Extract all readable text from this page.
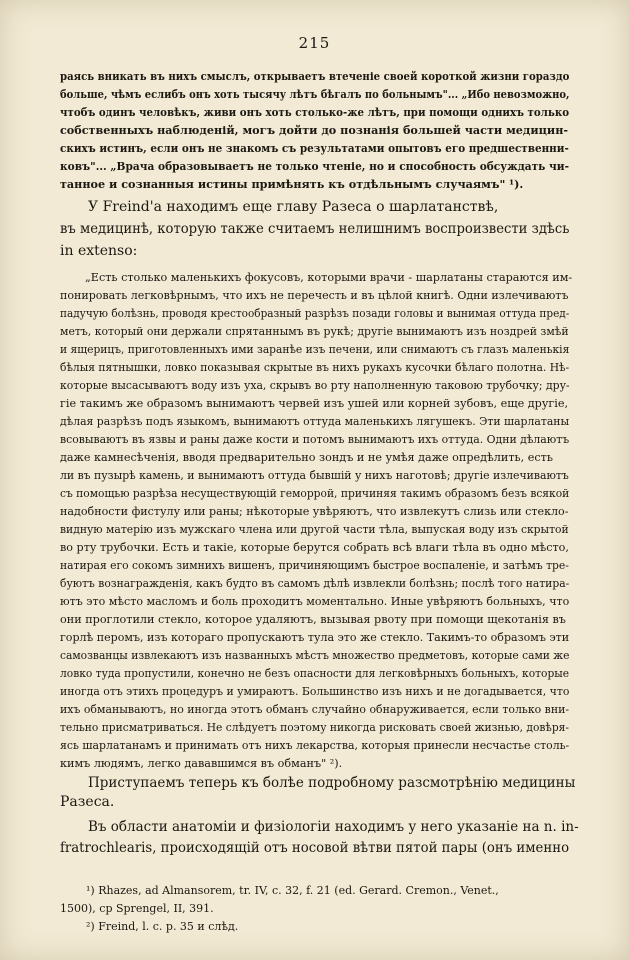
215
раясь вникать въ нихъ смыслъ, открываетъ втеченіе своей короткой жизни гораздо
больше, чѣмъ еслибъ онъ хоть тысячу лѣтъ бѣгалъ по больнымъ"... „Ибо невозможно,
чтобъ одинъ человѣкъ, живи онъ хоть столько-же лѣтъ, при помощи однихъ только
собственныхъ наблюденій, могъ дойти до познанія большей части медицин-
скихъ истинъ, если онъ не знакомъ съ результатами опытовъ его предшественни-
ковъ"... „Врача образовываетъ не только чтеніе, но и способность обсуждать чи-
танное и сознанныя истины примѣнять къ отдѣльнымъ случаямъ" ¹).
У Freind'а находимъ еще главу Разеса о шарлатанствѣ,
въ медицинѣ, которую также считаемъ нелишнимъ воспроизвести здѣсь
in extenso:
„Есть столько маленькихъ фокусовъ, которыми врачи - шарлатаны стараются им-
понировать легковѣрнымъ, что ихъ не перечесть и въ цѣлой книгѣ. Одни излечиваютъ
падучую болѣзнь, проводя крестообразный разрѣзъ позади головы и вынимая оттуда пред-
метъ, который они держали спрятаннымъ въ рукѣ; другіе вынимаютъ изъ ноздрей змѣй
и ящерицъ, приготовленныхъ ими заранѣе изъ печени, или снимаютъ съ глазъ маленькія
бѣлыя пятнышки, ловко показывая скрытые въ нихъ рукахъ кусочки бѣлаго полотна. Нѣ-
которые высасываютъ воду изъ уха, скрывъ во рту наполненную таковою трубочку; дру-
гіе такимъ же образомъ вынимаютъ червей изъ ушей или корней зубовъ, еще другіе,
дѣлая разрѣзъ подъ языкомъ, вынимаютъ оттуда маленькихъ лягушекъ. Эти шарлатаны
всовываютъ въ язвы и раны даже кости и потомъ вынимаютъ ихъ оттуда. Одни дѣлаютъ
даже камнесѣченія, вводя предварительно зондъ и не умѣя даже опредѣлить, есть
ли въ пузырѣ камень, и вынимаютъ оттуда бывшій у нихъ наготовѣ; другіе излечиваютъ
съ помощью разрѣза несуществующій геморрой, причиняя такимъ образомъ безъ всякой
надобности фистулу или раны; нѣкоторые увѣряютъ, что извлекутъ слизь или стекло-
видную матерію изъ мужскаго члена или другой части тѣла, выпуская воду изъ скрытой
во рту трубочки. Есть и такіе, которые берутся собрать всѣ влаги тѣла въ одно мѣсто,
натирая его сокомъ зимнихъ вишенъ, причиняющимъ быстрое воспаленіе, и затѣмъ тре-
буютъ вознагражденія, какъ будто въ самомъ дѣлѣ извлекли болѣзнь; послѣ того натира-
ютъ это мѣсто масломъ и боль проходитъ моментально. Иные увѣряютъ больныхъ, что
они проглотили стекло, которое удаляютъ, вызывая рвоту при помощи щекотанія въ
горлѣ перомъ, изъ котораго пропускаютъ тула это же стекло. Такимъ-то образомъ эти
самозванцы извлекаютъ изъ названныхъ мѣстъ множество предметовъ, которые сами же
ловко туда пропустили, конечно не безъ опасности для легковѣрныхъ больныхъ, которые
иногда отъ этихъ процедуръ и умираютъ. Большинство изъ нихъ и не догадывается, что
ихъ обманываютъ, но иногда этотъ обманъ случайно обнаруживается, если только вни-
тельно присматриваться. Не слѣдуетъ поэтому никогда рисковать своей жизнью, довѣря-
ясь шарлатанамъ и принимать отъ нихъ лекарства, которыя принесли несчастье столь-
кимъ людямъ, легко дававшимся въ обманъ" ²).
Приступаемъ теперь къ болѣе подробному разсмотрѣнію медицины
Разеса.
Въ области анатоміи и физіологіи находимъ у него указаніе на n. in-
fratrochlearis, происходящій отъ носовой вѣтви пятой пары (онъ именно
¹) Rhazes, ad Almansorem, tr. IV, c. 32, f. 21 (ed. Gerard. Cremon., Venet.,
1500), cp Sprengel, II, 391.
²) Freind, l. c. p. 35 и слѣд.
